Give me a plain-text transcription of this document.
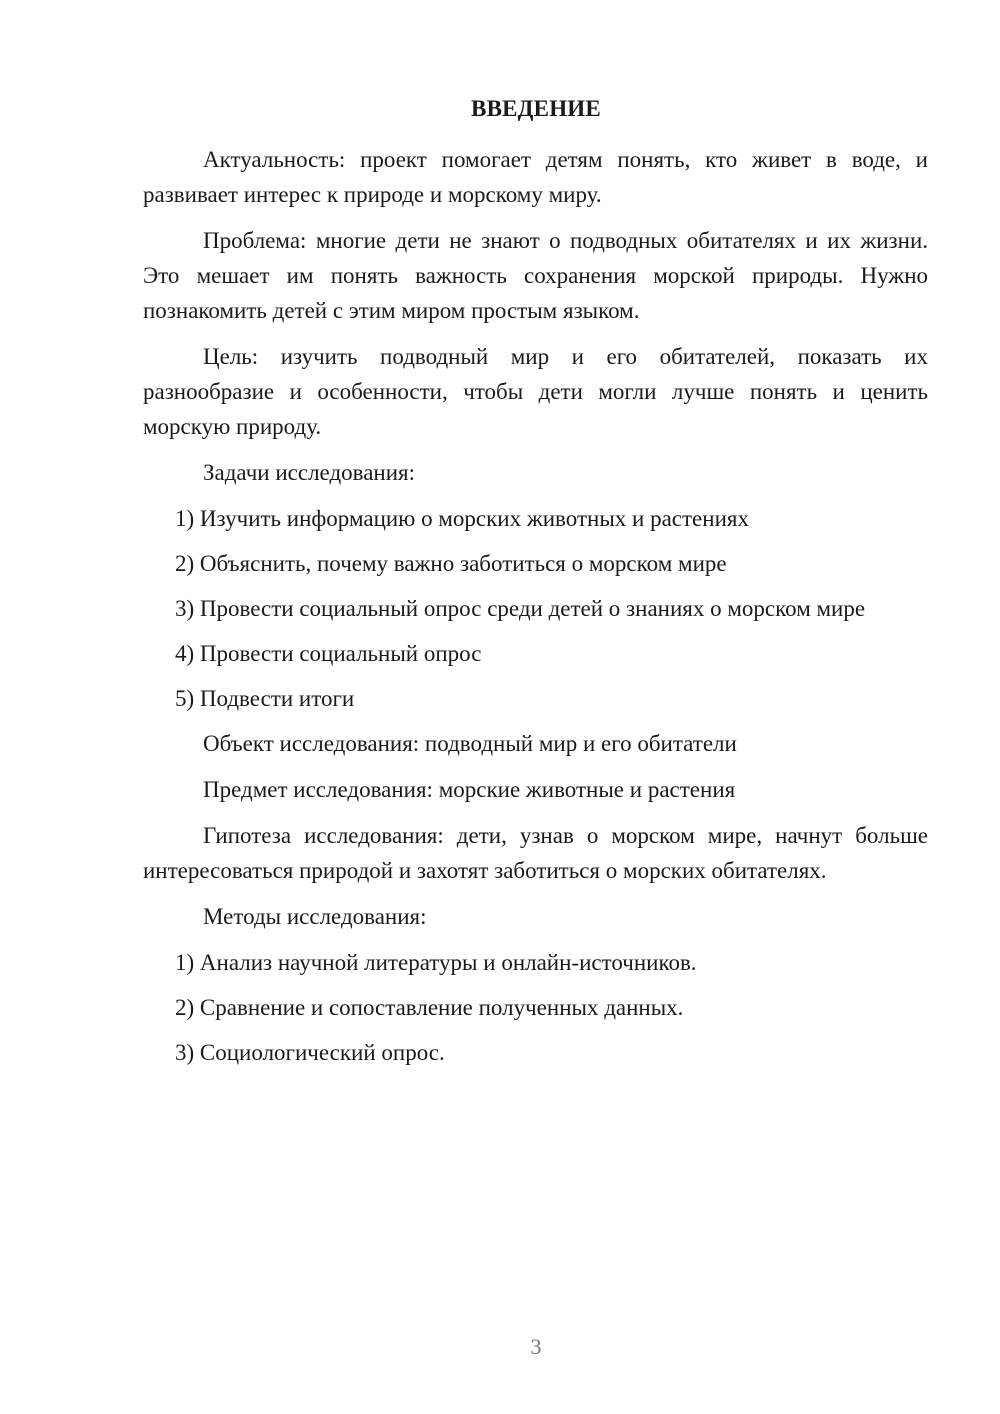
ВВЕДЕНИЕ

Актуальность: проект помогает детям понять, кто живет в воде, и развивает интерес к природе и морскому миру.

Проблема: многие дети не знают о подводных обитателях и их жизни. Это мешает им понять важность сохранения морской природы. Нужно познакомить детей с этим миром простым языком.

Цель: изучить подводный мир и его обитателей, показать их разнообразие и особенности, чтобы дети могли лучше понять и ценить морскую природу.

Задачи исследования:

1) Изучить информацию о морских животных и растениях

2) Объяснить, почему важно заботиться о морском мире

3) Провести социальный опрос среди детей о знаниях о морском мире

4) Провести социальный опрос

5) Подвести итоги

Объект исследования: подводный мир и его обитатели

Предмет исследования: морские животные и растения

Гипотеза исследования: дети, узнав о морском мире, начнут больше интересоваться природой и захотят заботиться о морских обитателях.

Методы исследования:

1) Анализ научной литературы и онлайн-источников.

2) Сравнение и сопоставление полученных данных.

3) Социологический опрос.

3
